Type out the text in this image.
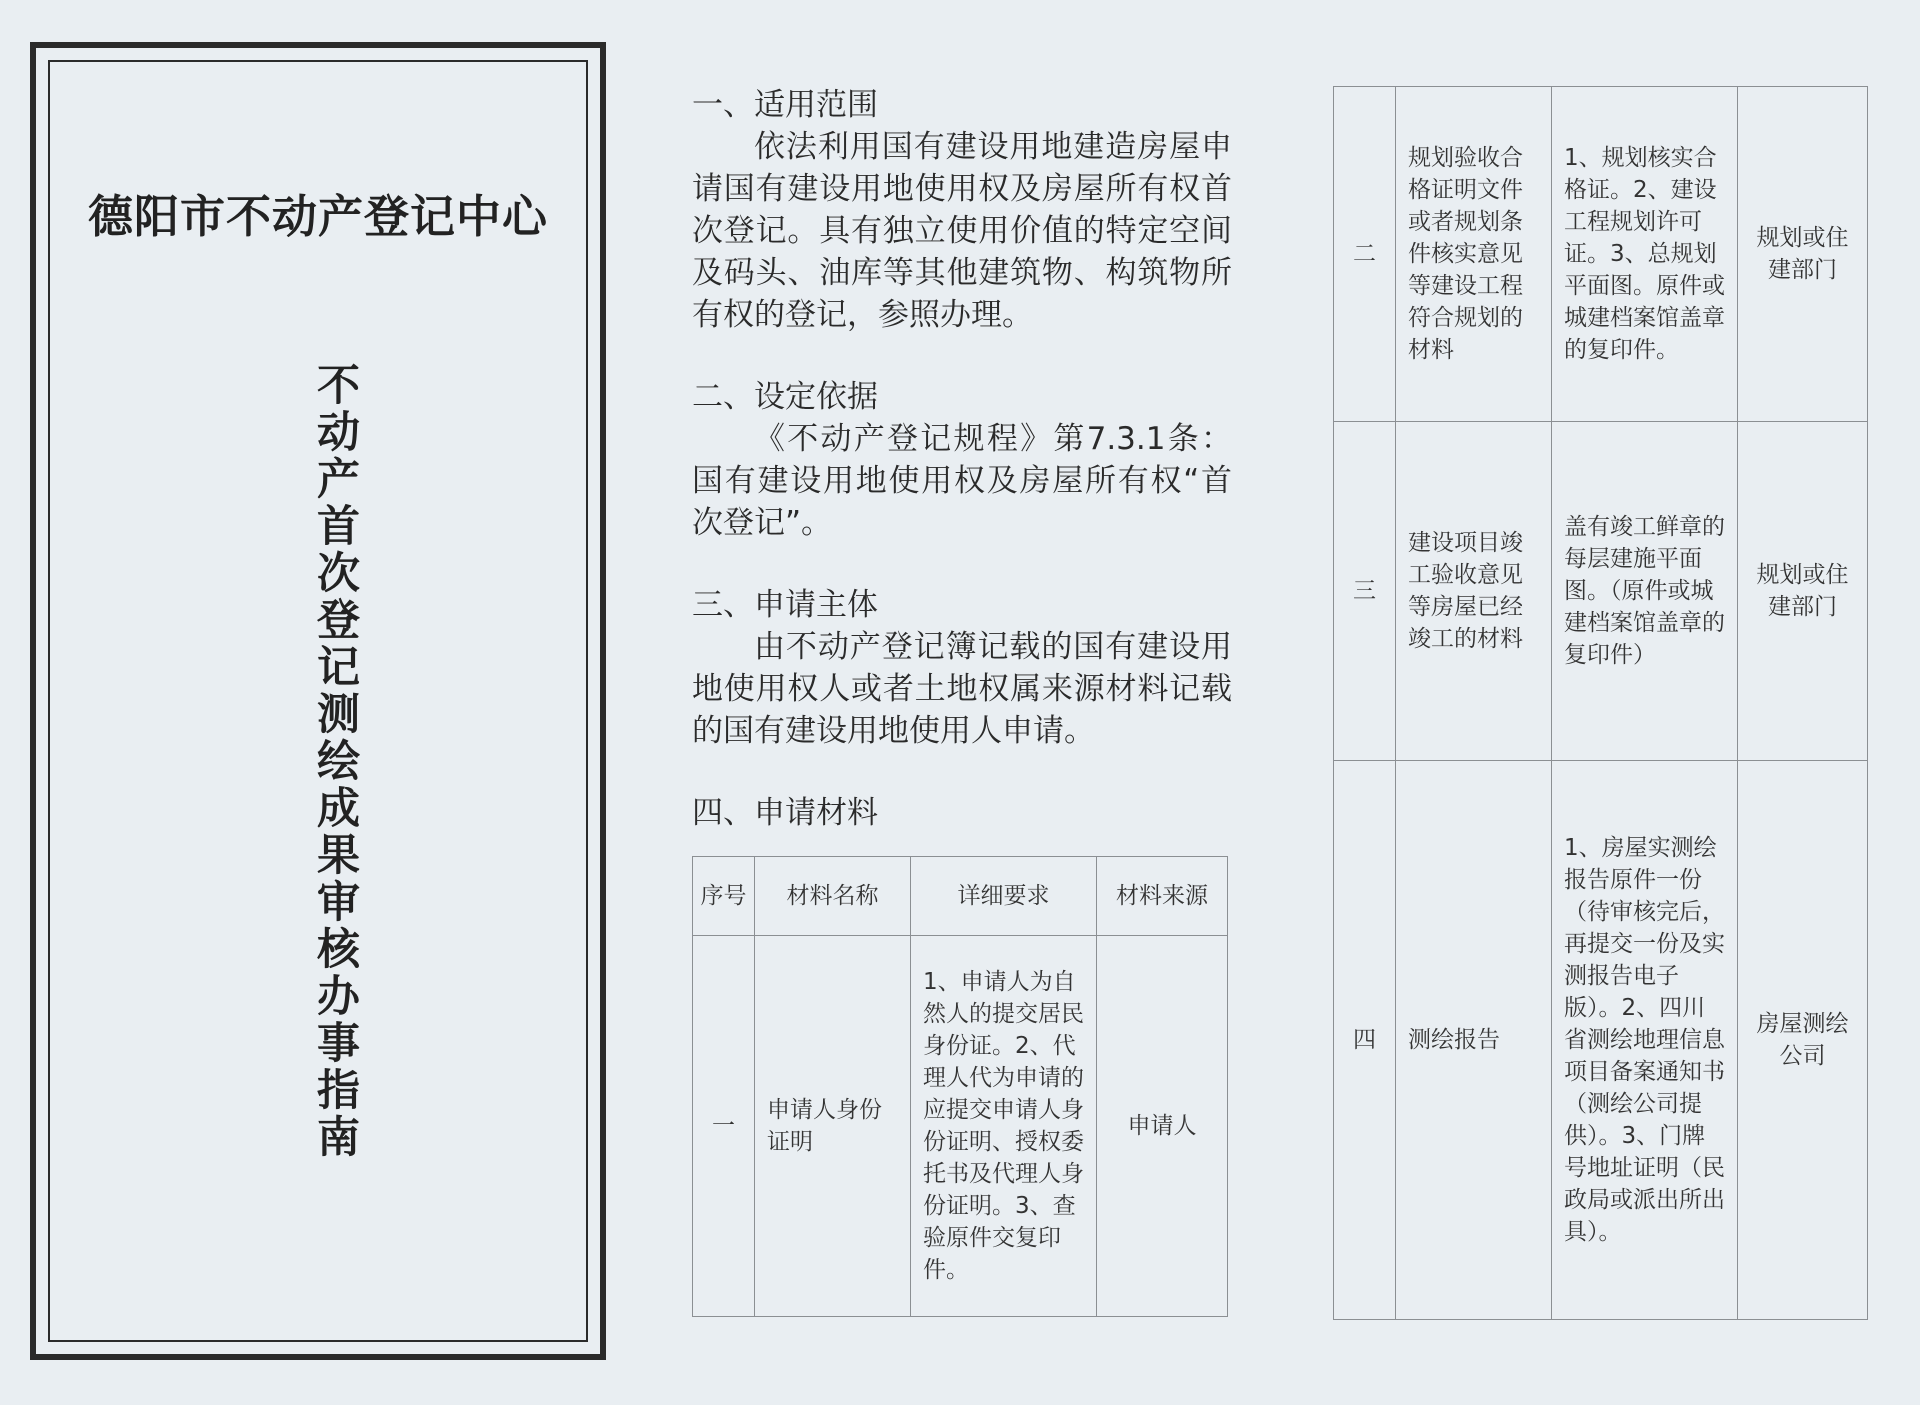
德阳市不动产登记中心
不动产首次登记测绘成果审核办事指南
一、适用范围
依法利用国有建设用地建造房屋申请国有建设用地使用权及房屋所有权首次登记。具有独立使用价值的特定空间及码头、油库等其他建筑物、构筑物所有权的登记，参照办理。
二、设定依据
《不动产登记规程》第7.3.1条：国有建设用地使用权及房屋所有权“首次登记”。
三、申请主体
由不动产登记簿记载的国有建设用地使用权人或者土地权属来源材料记载的国有建设用地使用人申请。
四、申请材料
序号	材料名称	详细要求	材料来源
一	申请人身份证明	1、申请人为自然人的提交居民身份证。2、代理人代为申请的应提交申请人身份证明、授权委托书及代理人身份证明。3、查验原件交复印件。	申请人
二	规划验收合格证明文件或者规划条件核实意见等建设工程符合规划的材料	1、规划核实合格证。2、建设工程规划许可证。3、总规划平面图。原件或城建档案馆盖章的复印件。	规划或住建部门
三	建设项目竣工验收意见等房屋已经竣工的材料	盖有竣工鲜章的每层建施平面图。（原件或城建档案馆盖章的复印件）	规划或住建部门
四	测绘报告	1、房屋实测绘报告原件一份（待审核完后，再提交一份及实测报告电子版）。2、四川省测绘地理信息项目备案通知书（测绘公司提供）。3、门牌号地址证明（民政局或派出所出具）。	房屋测绘公司
